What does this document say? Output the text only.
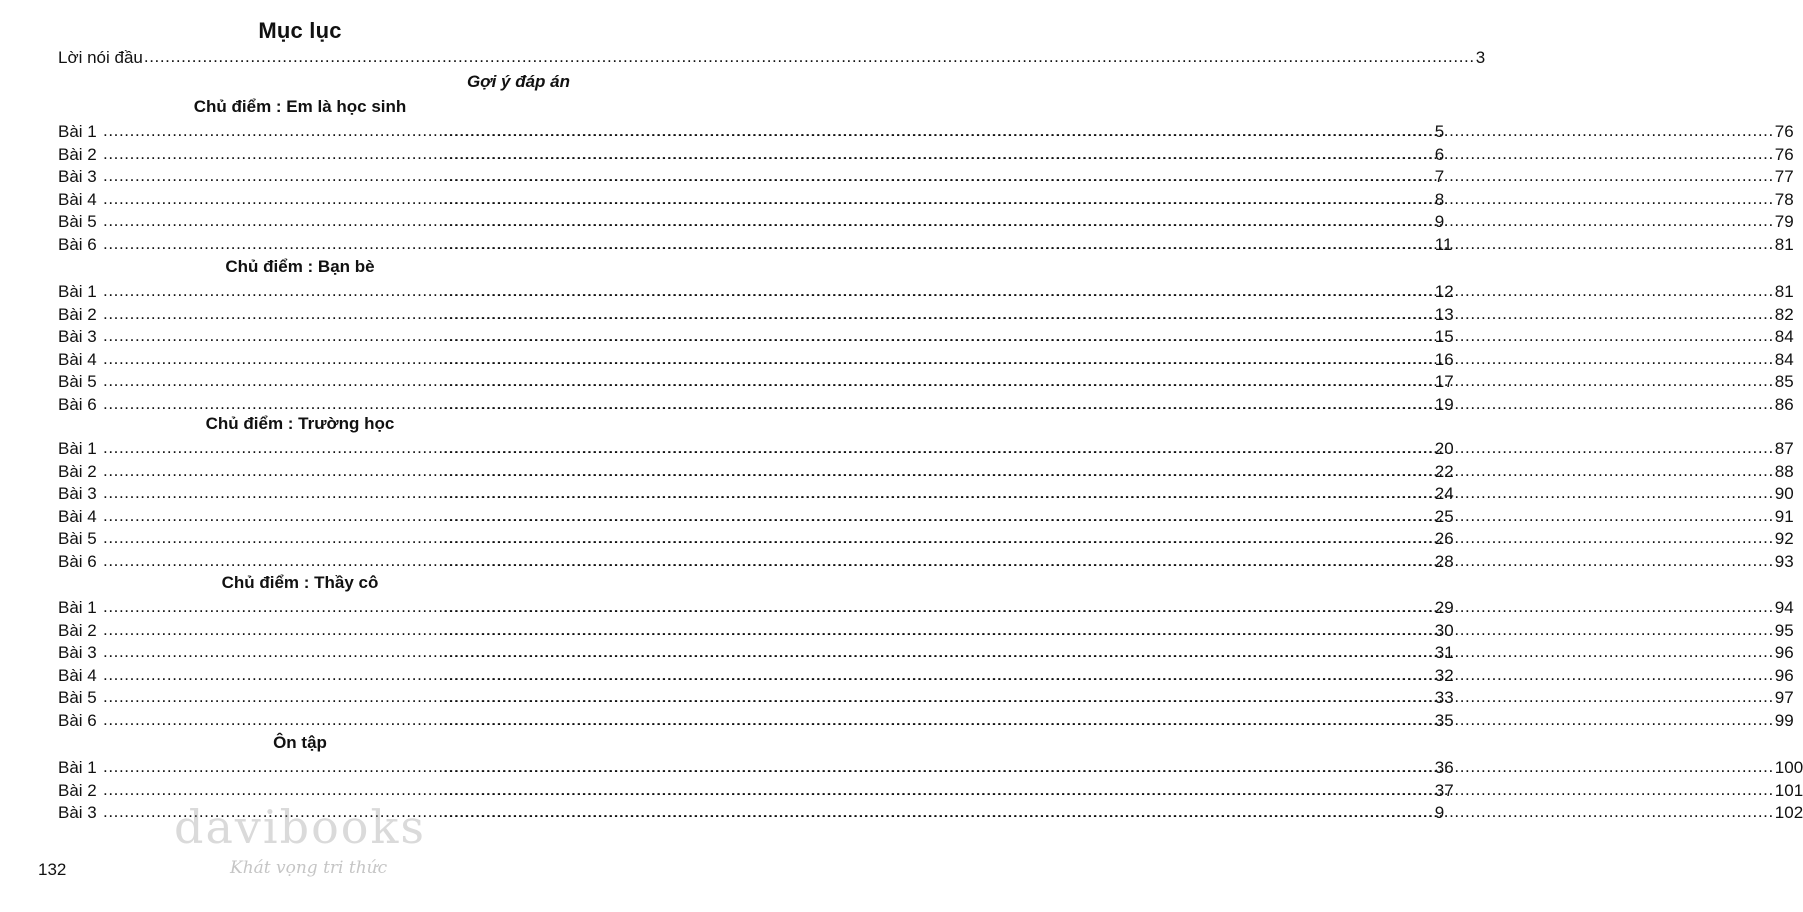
Mục lục
Lời nói đầu .....	3
Gợi ý đáp án
Chủ điểm : Em là học sinh
Bài 1 .....	5 .....	76
Bài 2 .....	6 .....	76
Bài 3 .....	7 .....	77
Bài 4 .....	8 .....	78
Bài 5 .....	9 .....	79
Bài 6 .....	11 .....	81
Chủ điểm : Bạn bè
Bài 1 .....	12 .....	81
Bài 2 .....	13 .....	82
Bài 3 .....	15 .....	84
Bài 4 .....	16 .....	84
Bài 5 .....	17 .....	85
Bài 6 .....	19 .....	86
Chủ điểm : Trường học
Bài 1 .....	20 .....	87
Bài 2 .....	22 .....	88
Bài 3 .....	24 .....	90
Bài 4 .....	25 .....	91
Bài 5 .....	26 .....	92
Bài 6 .....	28 .....	93
Chủ điểm : Thầy cô
Bài 1 .....	29 .....	94
Bài 2 .....	30 .....	95
Bài 3 .....	31 .....	96
Bài 4 .....	32 .....	96
Bài 5 .....	33 .....	97
Bài 6 .....	35 .....	99
Ôn tập
Bài 1 .....	36 .....	100
Bài 2 .....	37 .....	101
Bài 3 .....	9 .....	102
132
davibooks
Khát vọng tri thức
